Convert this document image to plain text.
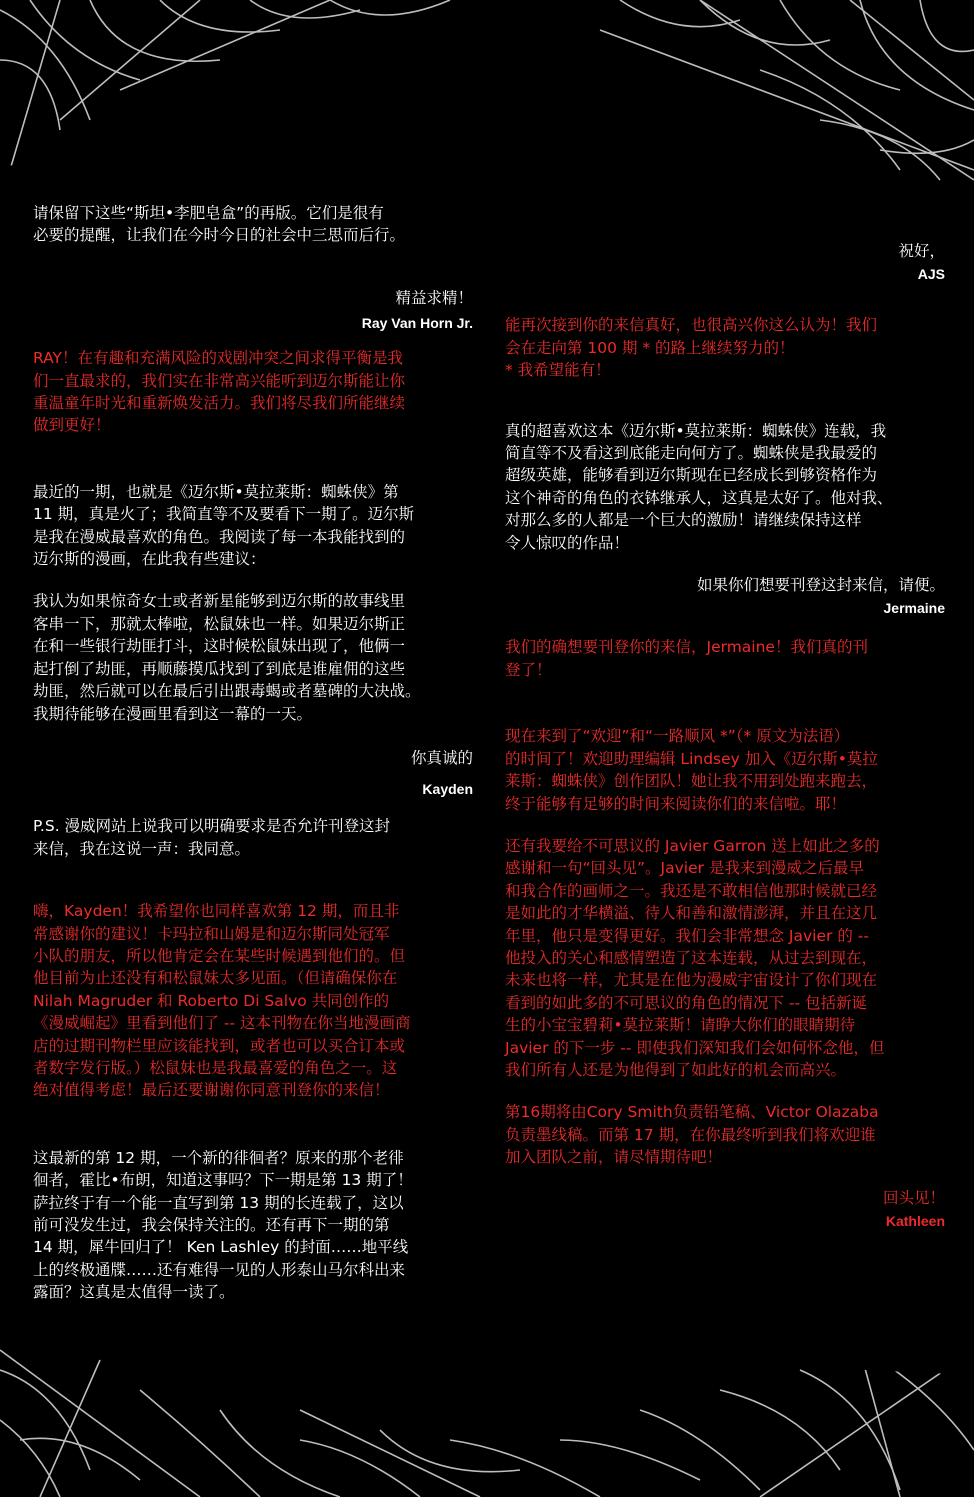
请保留下这些“斯坦•李肥皂盒”的再版。它们是很有
必要的提醒，让我们在今时今日的社会中三思而后行。

精益求精！

Ray Van Horn Jr.

RAY！在有趣和充满风险的戏剧冲突之间求得平衡是我
们一直最求的，我们实在非常高兴能听到迈尔斯能让你
重温童年时光和重新焕发活力。我们将尽我们所能继续
做到更好！

最近的一期，也就是《迈尔斯•莫拉莱斯：蜘蛛侠》第
11 期，真是火了；我简直等不及要看下一期了。迈尔斯
是我在漫威最喜欢的角色。我阅读了每一本我能找到的
迈尔斯的漫画，在此我有些建议：

我认为如果惊奇女士或者新星能够到迈尔斯的故事线里
客串一下，那就太棒啦，松鼠妹也一样。如果迈尔斯正
在和一些银行劫匪打斗，这时候松鼠妹出现了，他俩一
起打倒了劫匪，再顺藤摸瓜找到了到底是谁雇佣的这些
劫匪，然后就可以在最后引出跟毒蝎或者墓碑的大决战。
我期待能够在漫画里看到这一幕的一天。

你真诚的

Kayden

P.S. 漫威网站上说我可以明确要求是否允许刊登这封
来信，我在这说一声：我同意。

嗨，Kayden！我希望你也同样喜欢第 12 期，而且非
常感谢你的建议！卡玛拉和山姆是和迈尔斯同处冠军
小队的朋友，所以他肯定会在某些时候遇到他们的。但
他目前为止还没有和松鼠妹太多见面。（但请确保你在
Nilah Magruder 和 Roberto Di Salvo 共同创作的
《漫威崛起》里看到他们了 -- 这本刊物在你当地漫画商
店的过期刊物栏里应该能找到，或者也可以买合订本或
者数字发行版。）松鼠妹也是我最喜爱的角色之一。这
绝对值得考虑！最后还要谢谢你同意刊登你的来信！

这最新的第 12 期，一个新的徘徊者？原来的那个老徘
徊者，霍比•布朗，知道这事吗？下一期是第 13 期了！
萨拉终于有一个能一直写到第 13 期的长连载了，这以
前可没发生过，我会保持关注的。还有再下一期的第
14 期，犀牛回归了！ Ken Lashley 的封面……地平线
上的终极通牒……还有难得一见的人形泰山马尔科出来
露面？这真是太值得一读了。

祝好，

AJS

能再次接到你的来信真好，也很高兴你这么认为！我们
会在走向第 100 期 * 的路上继续努力的！
* 我希望能有！

真的超喜欢这本《迈尔斯•莫拉莱斯：蜘蛛侠》连载，我
简直等不及看这到底能走向何方了。蜘蛛侠是我最爱的
超级英雄，能够看到迈尔斯现在已经成长到够资格作为
这个神奇的角色的衣钵继承人，这真是太好了。他对我、
对那么多的人都是一个巨大的激励！请继续保持这样
令人惊叹的作品！

如果你们想要刊登这封来信，请便。

Jermaine

我们的确想要刊登你的来信，Jermaine！我们真的刊
登了！

现在来到了“欢迎”和“一路顺风 *”（* 原文为法语）
的时间了！欢迎助理编辑 Lindsey 加入《迈尔斯•莫拉
莱斯：蜘蛛侠》创作团队！她让我不用到处跑来跑去，
终于能够有足够的时间来阅读你们的来信啦。耶！

还有我要给不可思议的 Javier Garron 送上如此之多的
感谢和一句“回头见”。Javier 是我来到漫威之后最早
和我合作的画师之一。我还是不敢相信他那时候就已经
是如此的才华横溢、待人和善和激情澎湃，并且在这几
年里，他只是变得更好。我们会非常想念 Javier 的 --
他投入的关心和感情塑造了这本连载，从过去到现在，
未来也将一样，尤其是在他为漫威宇宙设计了你们现在
看到的如此多的不可思议的角色的情况下 -- 包括新诞
生的小宝宝碧莉•莫拉莱斯！请睁大你们的眼睛期待
Javier 的下一步 -- 即使我们深知我们会如何怀念他，但
我们所有人还是为他得到了如此好的机会而高兴。

第16期将由Cory Smith负责铅笔稿、Victor Olazaba
负责墨线稿。而第 17 期，在你最终听到我们将欢迎谁
加入团队之前，请尽情期待吧！

回头见！

Kathleen
